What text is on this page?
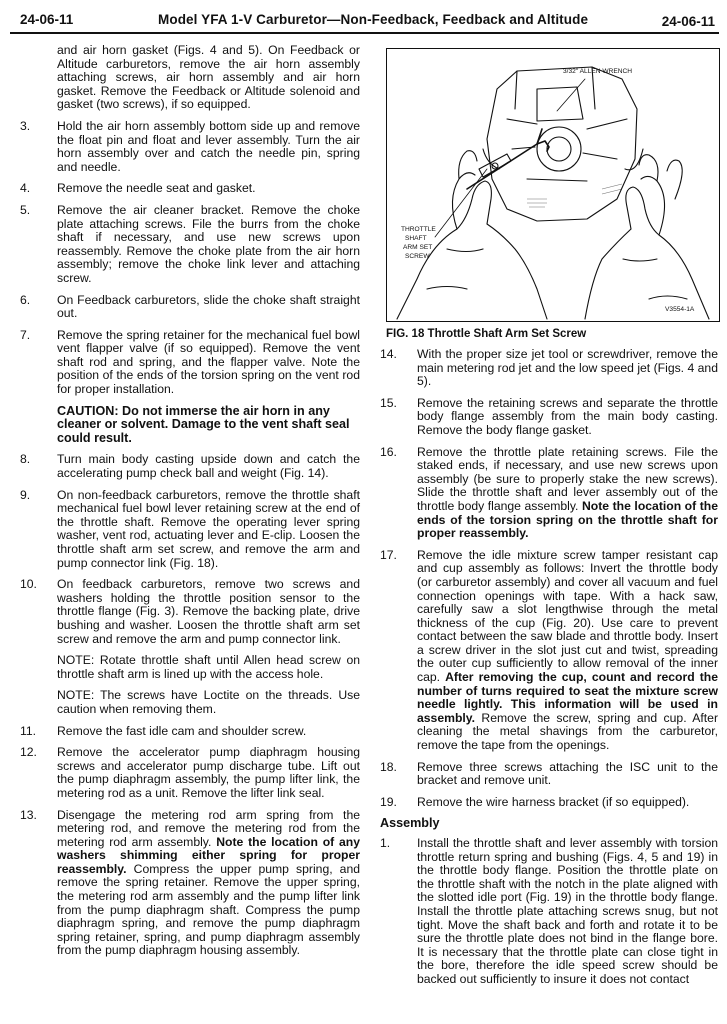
24-06-11	Model YFA 1-V Carburetor—Non-Feedback, Feedback and Altitude	24-06-11
and air horn gasket (Figs. 4 and 5). On Feedback or Altitude carburetors, remove the air horn assembly attaching screws, air horn assembly and air horn gasket. Remove the Feedback or Altitude solenoid and gasket (two screws), if so equipped.
3.	Hold the air horn assembly bottom side up and remove the float pin and float and lever assembly. Turn the air horn assembly over and catch the needle pin, spring and needle.
4.	Remove the needle seat and gasket.
5.	Remove the air cleaner bracket. Remove the choke plate attaching screws. File the burrs from the choke shaft if necessary, and use new screws upon reassembly. Remove the choke plate from the air horn assembly; remove the choke link lever and attaching screw.
6.	On Feedback carburetors, slide the choke shaft straight out.
7.	Remove the spring retainer for the mechanical fuel bowl vent flapper valve (if so equipped). Remove the vent shaft rod and spring, and the flapper valve. Note the position of the ends of the torsion spring on the vent rod for proper installation.
CAUTION: Do not immerse the air horn in any cleaner or solvent. Damage to the vent shaft seal could result.
8.	Turn main body casting upside down and catch the accelerating pump check ball and weight (Fig. 14).
9.	On non-feedback carburetors, remove the throttle shaft mechanical fuel bowl lever retaining screw at the end of the throttle shaft. Remove the operating lever spring washer, vent rod, actuating lever and E-clip. Loosen the throttle shaft arm set screw, and remove the arm and pump connector link (Fig. 18).
10.	On feedback carburetors, remove two screws and washers holding the throttle position sensor to the throttle flange (Fig. 3). Remove the backing plate, drive bushing and washer. Loosen the throttle shaft arm set screw and remove the arm and pump connector link.
NOTE: Rotate throttle shaft until Allen head screw on throttle shaft arm is lined up with the access hole.
NOTE: The screws have Loctite on the threads. Use caution when removing them.
11.	Remove the fast idle cam and shoulder screw.
12.	Remove the accelerator pump diaphragm housing screws and accelerator pump discharge tube. Lift out the pump diaphragm assembly, the pump lifter link, the metering rod as a unit. Remove the lifter link seal.
13.	Disengage the metering rod arm spring from the metering rod, and remove the metering rod from the metering rod arm assembly. Note the location of any washers shimming either spring for proper reassembly. Compress the upper pump spring, and remove the spring retainer. Remove the upper spring, the metering rod arm assembly and the pump lifter link from the pump diaphragm shaft. Compress the pump diaphragm spring, and remove the pump diaphragm spring retainer, spring, and pump diaphragm assembly from the pump diaphragm housing assembly.
3/32" ALLEN WRENCH
THROTTLE
SHAFT
ARM SET
SCREW
V3554-1A
FIG. 18 Throttle Shaft Arm Set Screw
14.	With the proper size jet tool or screwdriver, remove the main metering rod jet and the low speed jet (Figs. 4 and 5).
15.	Remove the retaining screws and separate the throttle body flange assembly from the main body casting. Remove the body flange gasket.
16.	Remove the throttle plate retaining screws. File the staked ends, if necessary, and use new screws upon assembly (be sure to properly stake the new screws). Slide the throttle shaft and lever assembly out of the throttle body flange assembly. Note the location of the ends of the torsion spring on the throttle shaft for proper reassembly.
17.	Remove the idle mixture screw tamper resistant cap and cup assembly as follows: Invert the throttle body (or carburetor assembly) and cover all vacuum and fuel connection openings with tape. With a hack saw, carefully saw a slot lengthwise through the metal thickness of the cup (Fig. 20). Use care to prevent contact between the saw blade and throttle body. Insert a screw driver in the slot just cut and twist, spreading the outer cup sufficiently to allow removal of the inner cap. After removing the cup, count and record the number of turns required to seat the mixture screw needle lightly. This information will be used in assembly. Remove the screw, spring and cup. After cleaning the metal shavings from the carburetor, remove the tape from the openings.
18.	Remove three screws attaching the ISC unit to the bracket and remove unit.
19.	Remove the wire harness bracket (if so equipped).
Assembly
1.	Install the throttle shaft and lever assembly with torsion throttle return spring and bushing (Figs. 4, 5 and 19) in the throttle body flange. Position the throttle plate on the throttle shaft with the notch in the plate aligned with the slotted idle port (Fig. 19) in the throttle body flange. Install the throttle plate attaching screws snug, but not tight. Move the shaft back and forth and rotate it to be sure the throttle plate does not bind in the flange bore. It is necessary that the throttle plate can close tight in the bore, therefore the idle speed screw should be backed out sufficiently to insure it does not contact
